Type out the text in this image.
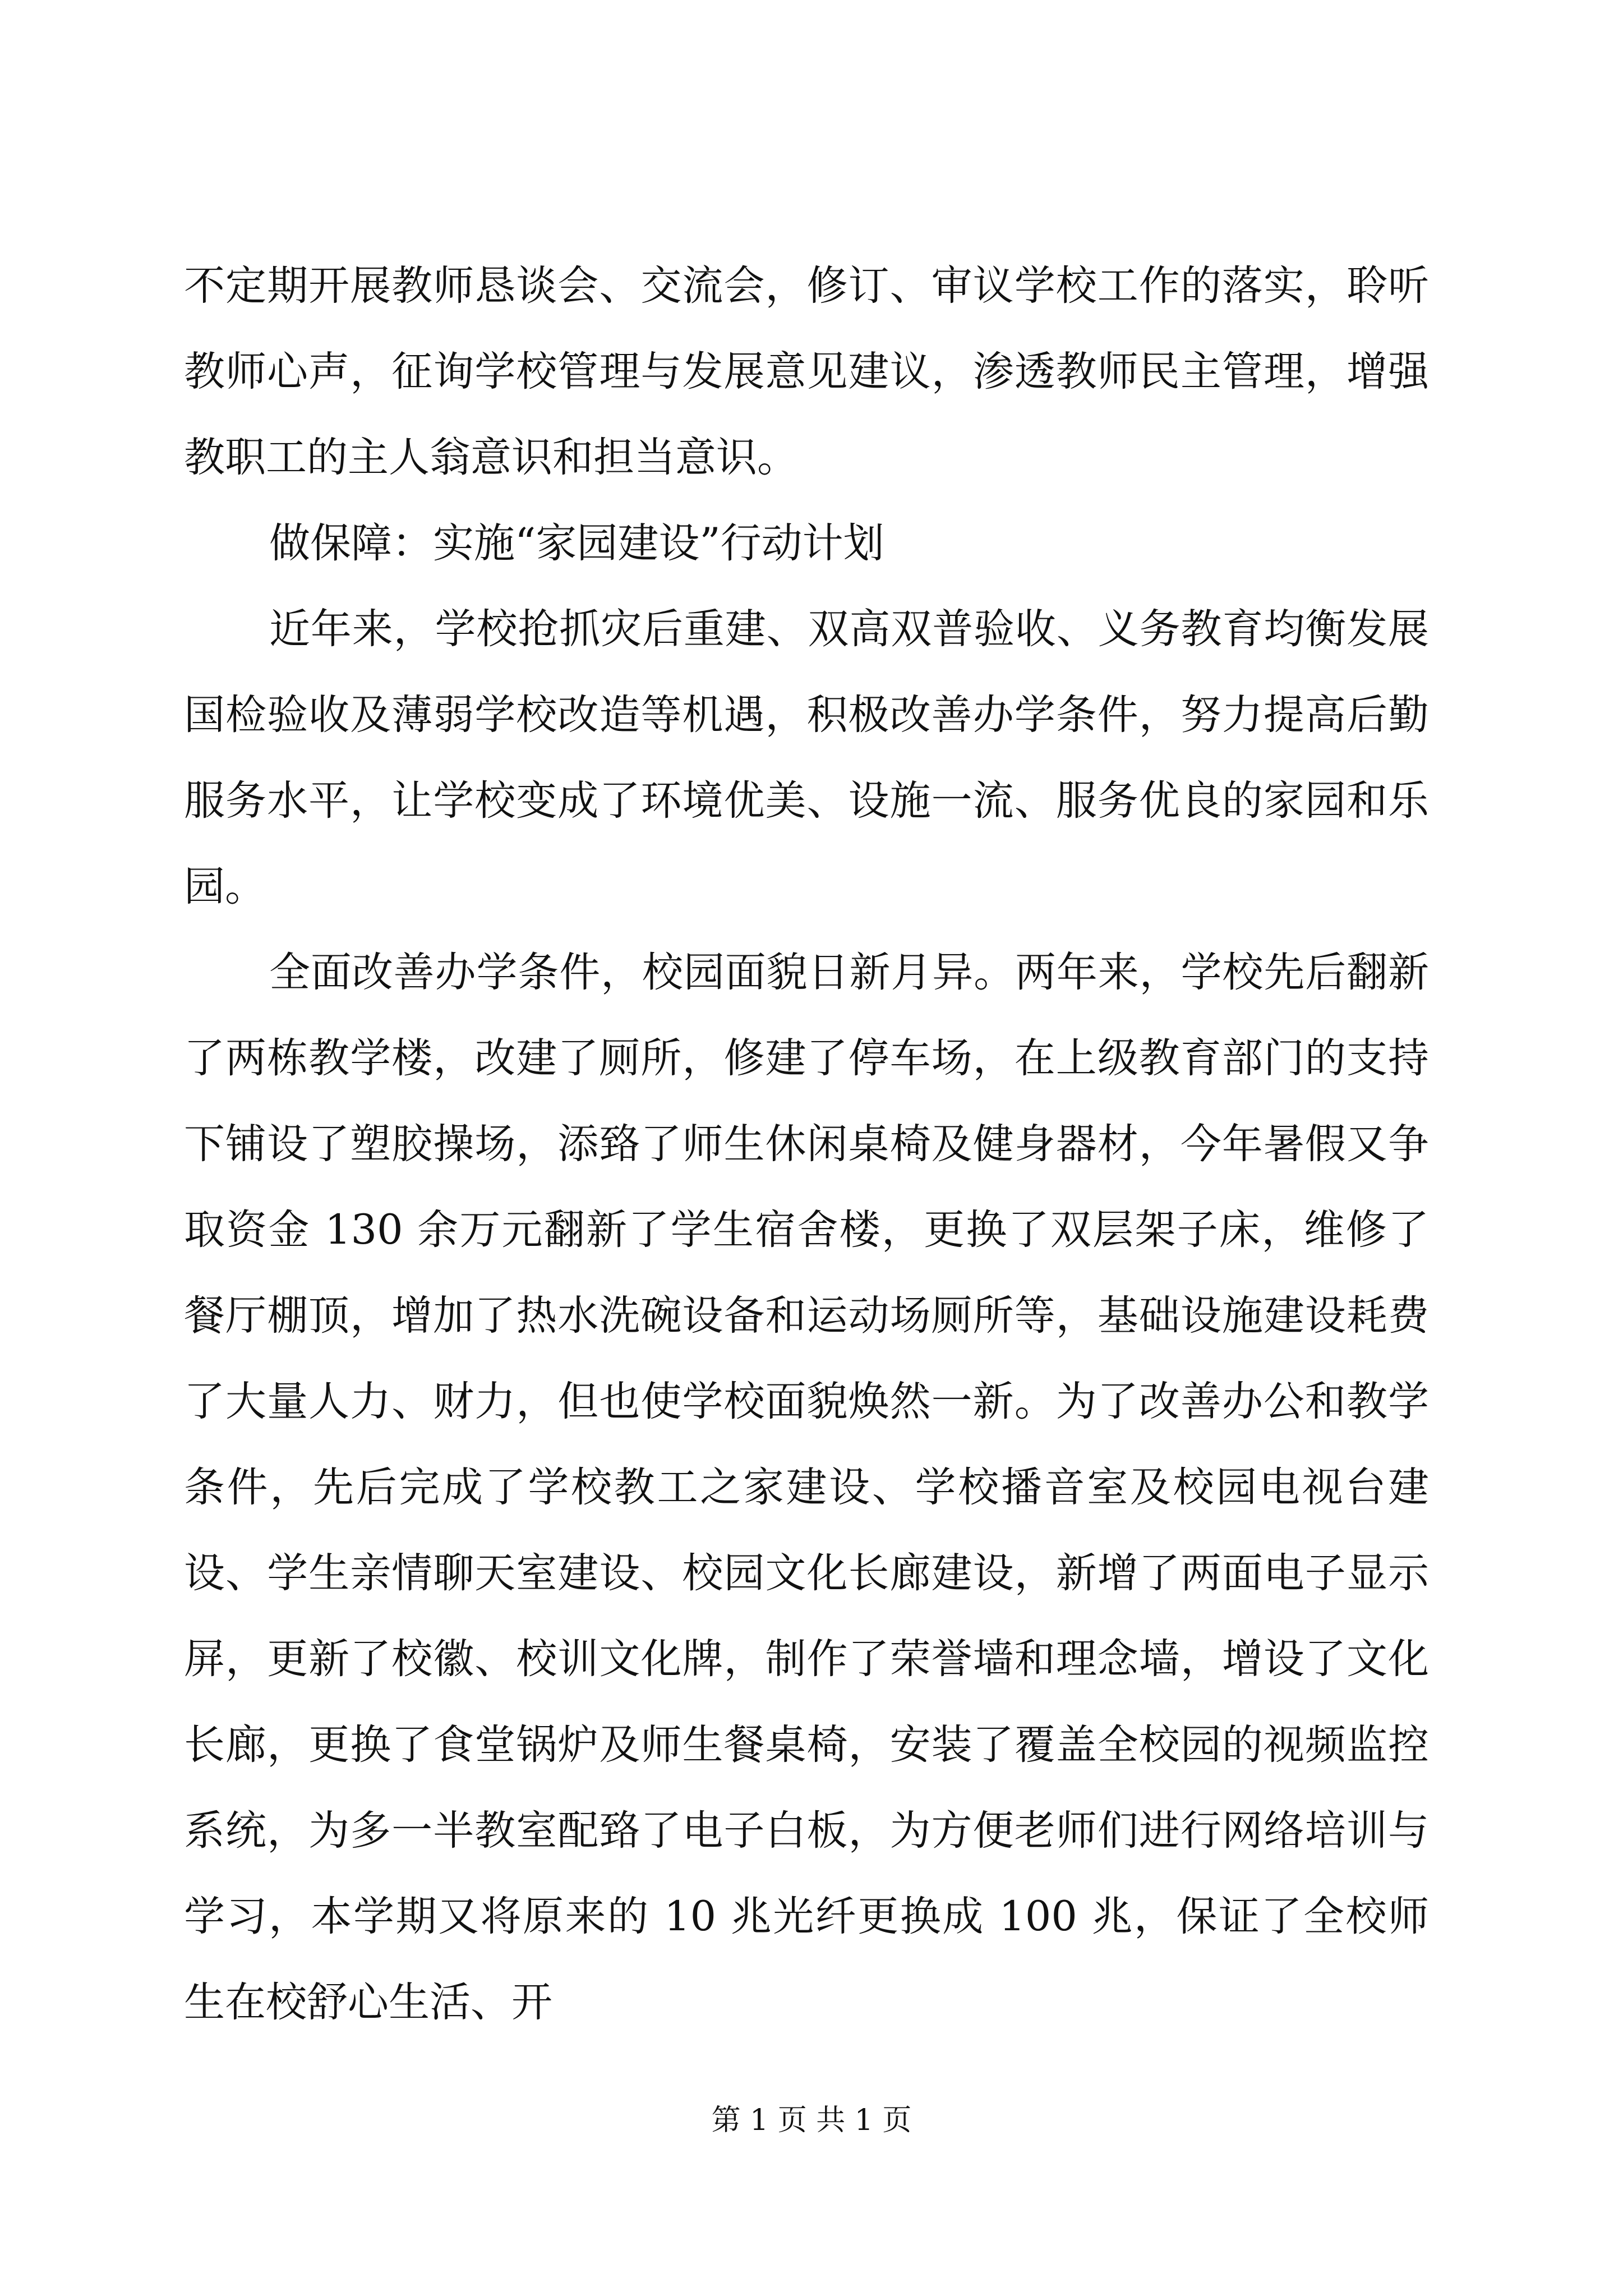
不定期开展教师恳谈会、交流会，修订、审议学校工作的落实，聆听教师心声，征询学校管理与发展意见建议，渗透教师民主管理，增强教职工的主人翁意识和担当意识。

做保障：实施“家园建设”行动计划

近年来，学校抢抓灾后重建、双高双普验收、义务教育均衡发展国检验收及薄弱学校改造等机遇，积极改善办学条件，努力提高后勤服务水平，让学校变成了环境优美、设施一流、服务优良的家园和乐园。

全面改善办学条件，校园面貌日新月异。两年来，学校先后翻新了两栋教学楼，改建了厕所，修建了停车场，在上级教育部门的支持下铺设了塑胶操场，添臵了师生休闲桌椅及健身器材，今年暑假又争取资金 130 余万元翻新了学生宿舍楼，更换了双层架子床，维修了餐厅棚顶，增加了热水洗碗设备和运动场厕所等，基础设施建设耗费了大量人力、财力，但也使学校面貌焕然一新。为了改善办公和教学条件，先后完成了学校教工之家建设、学校播音室及校园电视台建设、学生亲情聊天室建设、校园文化长廊建设，新增了两面电子显示屏，更新了校徽、校训文化牌，制作了荣誉墙和理念墙，增设了文化长廊，更换了食堂锅炉及师生餐桌椅，安装了覆盖全校园的视频监控系统，为多一半教室配臵了电子白板，为方便老师们进行网络培训与学习，本学期又将原来的 10 兆光纤更换成 100 兆，保证了全校师生在校舒心生活、开

第 1 页 共 1 页
